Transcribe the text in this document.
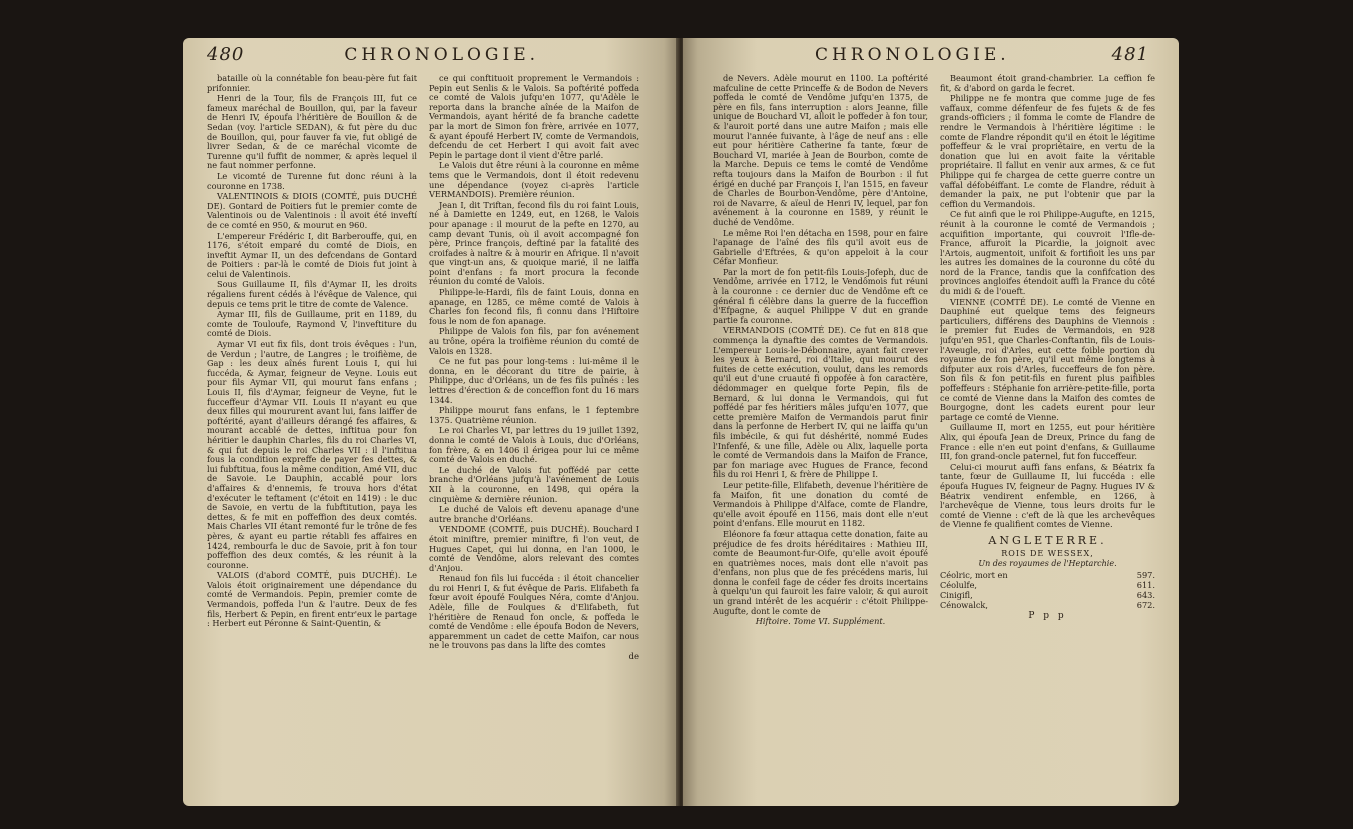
480	CHRONOLOGIE.

bataille où la connétable fon beau-père fut fait prifonnier.

Henri de la Tour, fils de François III, fut ce fameux maréchal de Bouillon, qui, par la faveur de Henri IV, époufa l'héritière de Bouillon & de Sedan (voy. l'article SEDAN), & fut père du duc de Bouillon, qui, pour fauver fa vie, fut obligé de livrer Sedan, & de ce maréchal vicomte de Turenne qu'il fuffit de nommer, & après lequel il ne faut nommer perfonne.

Le vicomté de Turenne fut donc réuni à la couronne en 1738.

VALENTINOIS & DIOIS (COMTÉ, puis DUCHÉ DE). Gontard de Poitiers fut le premier comte de Valentinois ou de Valentinois : il avoit été inveftí de ce comté en 950, & mourut en 960.

L'empereur Frédéric I, dit Barberouffe, qui, en 1176, s'étoit emparé du comté de Diois, en inveftit Aymar II, un des defcendans de Gontard de Poitiers : par-là le comté de Diois fut joint à celui de Valentinois.

Sous Guillaume II, fils d'Aymar II, les droits régaliens furent cédés à l'évêque de Valence, qui depuis ce tems prit le titre de comte de Valence.

Aymar III, fils de Guillaume, prit en 1189, du comte de Touloufe, Raymond V, l'inveftiture du comté de Diois.

Aymar VI eut fix fils, dont trois évêques : l'un, de Verdun ; l'autre, de Langres ; le troifième, de Gap : les deux aînés furent Louis I, qui lui fuccéda, & Aymar, feigneur de Veyne. Louis eut pour fils Aymar VII, qui mourut fans enfans ; Louis II, fils d'Aymar, feigneur de Veyne, fut le fucceffeur d'Aymar VII. Louis II n'ayant eu que deux filles qui moururent avant lui, fans laiffer de poftérité, ayant d'ailleurs dérangé fes affaires, & mourant accablé de dettes, inftitua pour fon héritier le dauphin Charles, fils du roi Charles VI, & qui fut depuis le roi Charles VII : il l'inftitua fous la condition expreffe de payer fes dettes, & lui fubftitua, fous la même condition, Amé VII, duc de Savoie. Le Dauphin, accablé pour lors d'affaires & d'ennemis, fe trouva hors d'état d'exécuter le teftament (c'étoit en 1419) : le duc de Savoie, en vertu de la fubftitution, paya les dettes, & fe mit en poffeffion des deux comtés. Mais Charles VII étant remonté fur le trône de fes pères, & ayant eu partie rétabli fes affaires en 1424, rembourfa le duc de Savoie, prit à fon tour poffeffion des deux comtés, & les réunit à la couronne.

VALOIS (d'abord COMTÉ, puis DUCHÉ). Le Valois étoit originairement une dépendance du comté de Vermandois. Pepin, premier comte de Vermandois, poffeda l'un & l'autre. Deux de fes fils, Herbert & Pepin, en firent entr'eux le partage : Herbert eut Péronne & Saint-Quentin, &

ce qui conftituoit proprement le Vermandois : Pepin eut Senlis & le Valois. Sa poftérité poffeda ce comté de Valois jufqu'en 1077, qu'Adèle le reporta dans la branche aînée de la Maifon de Vermandois, ayant hérité de fa branche cadette par la mort de Simon fon frère, arrivée en 1077, & ayant époufé Herbert IV, comte de Vermandois, defcendu de cet Herbert I qui avoit fait avec Pepin le partage dont il vient d'être parlé.

Le Valois dut être réuni à la couronne en même tems que le Vermandois, dont il étoit redevenu une dépendance (voyez ci-après l'article VERMANDOIS). Première réunion.

Jean I, dit Triftan, fecond fils du roi faint Louis, né à Damiette en 1249, eut, en 1268, le Valois pour apanage : il mourut de la pefte en 1270, au camp devant Tunis, où il avoit accompagné fon père, Prince françois, deftiné par la fatalité des croifades à naître & à mourir en Afrique. Il n'avoit que vingt-un ans, & quoique marié, il ne laiffa point d'enfans : fa mort procura la feconde réunion du comté de Valois.

Philippe-le-Hardi, fils de faint Louis, donna en apanage, en 1285, ce même comté de Valois à Charles fon fecond fils, fi connu dans l'Hiftoire fous le nom de fon apanage.

Philippe de Valois fon fils, par fon avénement au trône, opéra la troifième réunion du comté de Valois en 1328.

Ce ne fut pas pour long-tems : lui-même il le donna, en le décorant du titre de pairie, à Philippe, duc d'Orléans, un de fes fils puînés : les lettres d'érection & de conceffion font du 16 mars 1344.

Philippe mourut fans enfans, le 1 feptembre 1375. Quatrième réunion.

Le roi Charles VI, par lettres du 19 juillet 1392, donna le comté de Valois à Louis, duc d'Orléans, fon frère, & en 1406 il érigea pour lui ce même comté de Valois en duché.

Le duché de Valois fut poffédé par cette branche d'Orléans jufqu'à l'avénement de Louis XII à la couronne, en 1498, qui opéra la cinquième & dernière réunion.

Le duché de Valois eft devenu apanage d'une autre branche d'Orléans.

VENDOME (COMTÉ, puis DUCHÉ). Bouchard I étoit miniftre, premier miniftre, fi l'on veut, de Hugues Capet, qui lui donna, en l'an 1000, le comté de Vendôme, alors relevant des comtes d'Anjou.

Renaud fon fils lui fuccéda : il étoit chancelier du roi Henri I, & fut évêque de Paris. Elifabeth fa fœur avoit époufé Foulques Néra, comte d'Anjou. Adèle, fille de Foulques & d'Elifabeth, fut l'héritière de Renaud fon oncle, & poffeda le comté de Vendôme : elle époufa Bodon de Nevers, apparemment un cadet de cette Maifon, car nous ne le trouvons pas dans la lifte des comtes

de
CHRONOLOGIE.	481

de Nevers. Adèle mourut en 1100. La poftérité mafculine de cette Princeffe & de Bodon de Nevers poffeda le comté de Vendôme jufqu'en 1375, de père en fils, fans interruption : alors Jeanne, fille unique de Bouchard VI, alloit le poffeder à fon tour, & l'auroit porté dans une autre Maifon ; mais elle mourut l'année fuivante, à l'âge de neuf ans : elle eut pour héritière Catherine fa tante, fœur de Bouchard VI, mariée à Jean de Bourbon, comte de la Marche. Depuis ce tems le comté de Vendôme refta toujours dans la Maifon de Bourbon : il fut érigé en duché par François I, l'an 1515, en faveur de Charles de Bourbon-Vendôme, père d'Antoine, roi de Navarre, & aïeul de Henri IV, lequel, par fon avénement à la couronne en 1589, y réunit le duché de Vendôme.

Le même Roi l'en détacha en 1598, pour en faire l'apanage de l'aîné des fils qu'il avoit eus de Gabrielle d'Eftrées, & qu'on appeloit à la cour Céfar Monfieur.

Par la mort de fon petit-fils Louis-Jofeph, duc de Vendôme, arrivée en 1712, le Vendômois fut réuni à la couronne : ce dernier duc de Vendôme eft ce général fi célèbre dans la guerre de la fucceffion d'Efpagne, & auquel Philippe V dut en grande partie fa couronne.

VERMANDOIS (COMTÉ DE). Ce fut en 818 que commença la dynaftie des comtes de Vermandois. L'empereur Louis-le-Débonnaire, ayant fait crever les yeux à Bernard, roi d'Italie, qui mourut des fuites de cette exécution, voulut, dans les remords qu'il eut d'une cruauté fi oppofée à fon caractère, dédommager en quelque forte Pepin, fils de Bernard, & lui donna le Vermandois, qui fut poffédé par fes héritiers mâles jufqu'en 1077, que cette première Maifon de Vermandois parut finir dans la perfonne de Herbert IV, qui ne laiffa qu'un fils imbécile, & qui fut déshérité, nommé Eudes l'Infenfé, & une fille, Adèle ou Alix, laquelle porta le comté de Vermandois dans la Maifon de France, par fon mariage avec Hugues de France, fecond fils du roi Henri I, & frère de Philippe I.

Leur petite-fille, Elifabeth, devenue l'héritière de fa Maifon, fit une donation du comté de Vermandois à Philippe d'Alface, comte de Flandre, qu'elle avoit époufé en 1156, mais dont elle n'eut point d'enfans. Elle mourut en 1182.

Eléonore fa fœur attaqua cette donation, faite au préjudice de fes droits héréditaires : Mathieu III, comte de Beaumont-fur-Oife, qu'elle avoit époufé en quatrièmes noces, mais dont elle n'avoit pas d'enfans, non plus que de fes précédens maris, lui donna le confeil fage de céder fes droits incertains à quelqu'un qui fauroit les faire valoir, & qui auroit un grand intérêt de les acquérir : c'étoit Philippe-Augufte, dont le comte de

Hiftoire. Tome VI. Supplément.

Beaumont étoit grand-chambrier. La ceffion fe fit, & d'abord on garda le fecret.

Philippe ne fe montra que comme juge de fes vaffaux, comme défenfeur de fes fujets & de fes grands-officiers ; il fomma le comte de Flandre de rendre le Vermandois à l'héritière légitime : le comte de Flandre répondit qu'il en étoit le légitime poffeffeur & le vrai propriétaire, en vertu de la donation que lui en avoit faite la véritable propriétaire. Il fallut en venir aux armes, & ce fut Philippe qui fe chargea de cette guerre contre un vaffal défobéiffant. Le comte de Flandre, réduit à demander la paix, ne put l'obtenir que par la ceffion du Vermandois.

Ce fut ainfi que le roi Philippe-Augufte, en 1215, réunit à la couronne le comté de Vermandois ; acquifition importante, qui couvroit l'Ifle-de-France, affuroit la Picardie, la joignoit avec l'Artois, augmentoit, unifoit & fortifioit les uns par les autres les domaines de la couronne du côté du nord de la France, tandis que la confifcation des provinces angloifes étendoit auffi la France du côté du midi & de l'oueft.

VIENNE (COMTÉ DE). Le comté de Vienne en Dauphiné eut quelque tems des feigneurs particuliers, différens des Dauphins de Viennois : le premier fut Eudes de Vermandois, en 928 jufqu'en 951, que Charles-Conftantin, fils de Louis-l'Aveugle, roi d'Arles, eut cette foible portion du royaume de fon père, qu'il eut même longtems à difputer aux rois d'Arles, fucceffeurs de fon père. Son fils & fon petit-fils en furent plus paifibles poffeffeurs : Stéphanie fon arrière-petite-fille, porta ce comté de Vienne dans la Maifon des comtes de Bourgogne, dont les cadets eurent pour leur partage ce comté de Vienne.

Guillaume II, mort en 1255, eut pour héritière Alix, qui époufa Jean de Dreux, Prince du fang de France : elle n'en eut point d'enfans, & Guillaume III, fon grand-oncle paternel, fut fon fucceffeur.

Celui-ci mourut auffi fans enfans, & Béatrix fa tante, fœur de Guillaume II, lui fuccéda : elle époufa Hugues IV, feigneur de Pagny. Hugues IV & Béatrix vendirent enfemble, en 1266, à l'archevêque de Vienne, tous leurs droits fur le comté de Vienne : c'eft de là que les archevêques de Vienne fe qualifient comtes de Vienne.

ANGLETERRE.

ROIS DE WESSEX,

Un des royaumes de l'Heptarchie.

Céolric, mort en	597.
Céolulfe,	611.
Cinigifl,	643.
Cénowalck,	672.
P p p
